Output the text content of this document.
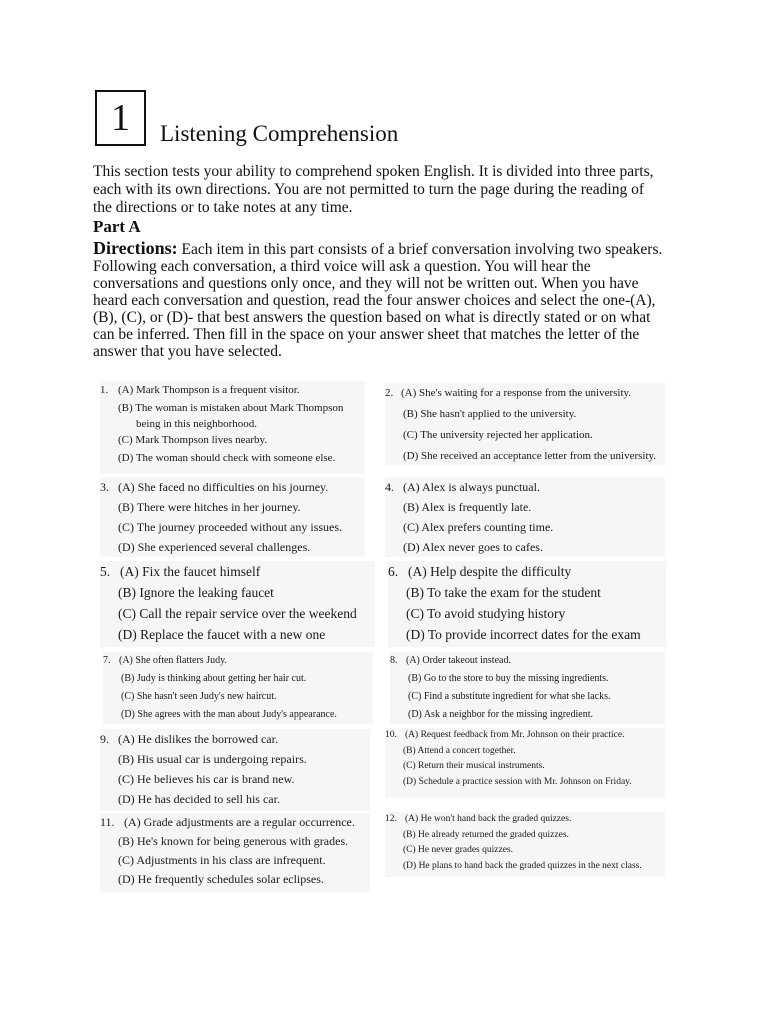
1	Listening Comprehension
This section tests your ability to comprehend spoken English. It is divided into three parts, each with its own directions. You are not permitted to turn the page during the reading of the directions or to take notes at any time.
Part A
Directions: Each item in this part consists of a brief conversation involving two speakers. Following each conversation, a third voice will ask a question. You will hear the conversations and questions only once, and they will not be written out. When you have heard each conversation and question, read the four answer choices and select the one-(A), (B), (C), or (D)- that best answers the question based on what is directly stated or on what can be inferred. Then fill in the space on your answer sheet that matches the letter of the answer that you have selected.
1. (A) Mark Thompson is a frequent visitor.
(B) The woman is mistaken about Mark Thompson
being in this neighborhood.
(C) Mark Thompson lives nearby.
(D) The woman should check with someone else.
2. (A) She's waiting for a response from the university.
(B) She hasn't applied to the university.
(C) The university rejected her application.
(D) She received an acceptance letter from the university.
3. (A) She faced no difficulties on his journey.
(B) There were hitches in her journey.
(C) The journey proceeded without any issues.
(D) She experienced several challenges.
4. (A) Alex is always punctual.
(B) Alex is frequently late.
(C) Alex prefers counting time.
(D) Alex never goes to cafes.
5. (A) Fix the faucet himself
(B) Ignore the leaking faucet
(C) Call the repair service over the weekend
(D) Replace the faucet with a new one
6. (A) Help despite the difficulty
(B) To take the exam for the student
(C) To avoid studying history
(D) To provide incorrect dates for the exam
7. (A) She often flatters Judy.
(B) Judy is thinking about getting her hair cut.
(C) She hasn't seen Judy's new haircut.
(D) She agrees with the man about Judy's appearance.
8. (A) Order takeout instead.
(B) Go to the store to buy the missing ingredients.
(C) Find a substitute ingredient for what she lacks.
(D) Ask a neighbor for the missing ingredient.
9. (A) He dislikes the borrowed car.
(B) His usual car is undergoing repairs.
(C) He believes his car is brand new.
(D) He has decided to sell his car.
10. (A) Request feedback from Mr. Johnson on their practice.
(B) Attend a concert together.
(C) Return their musical instruments.
(D) Schedule a practice session with Mr. Johnson on Friday.
11. (A) Grade adjustments are a regular occurrence.
(B) He's known for being generous with grades.
(C) Adjustments in his class are infrequent.
(D) He frequently schedules solar eclipses.
12. (A) He won't hand back the graded quizzes.
(B) He already returned the graded quizzes.
(C) He never grades quizzes.
(D) He plans to hand back the graded quizzes in the next class.
